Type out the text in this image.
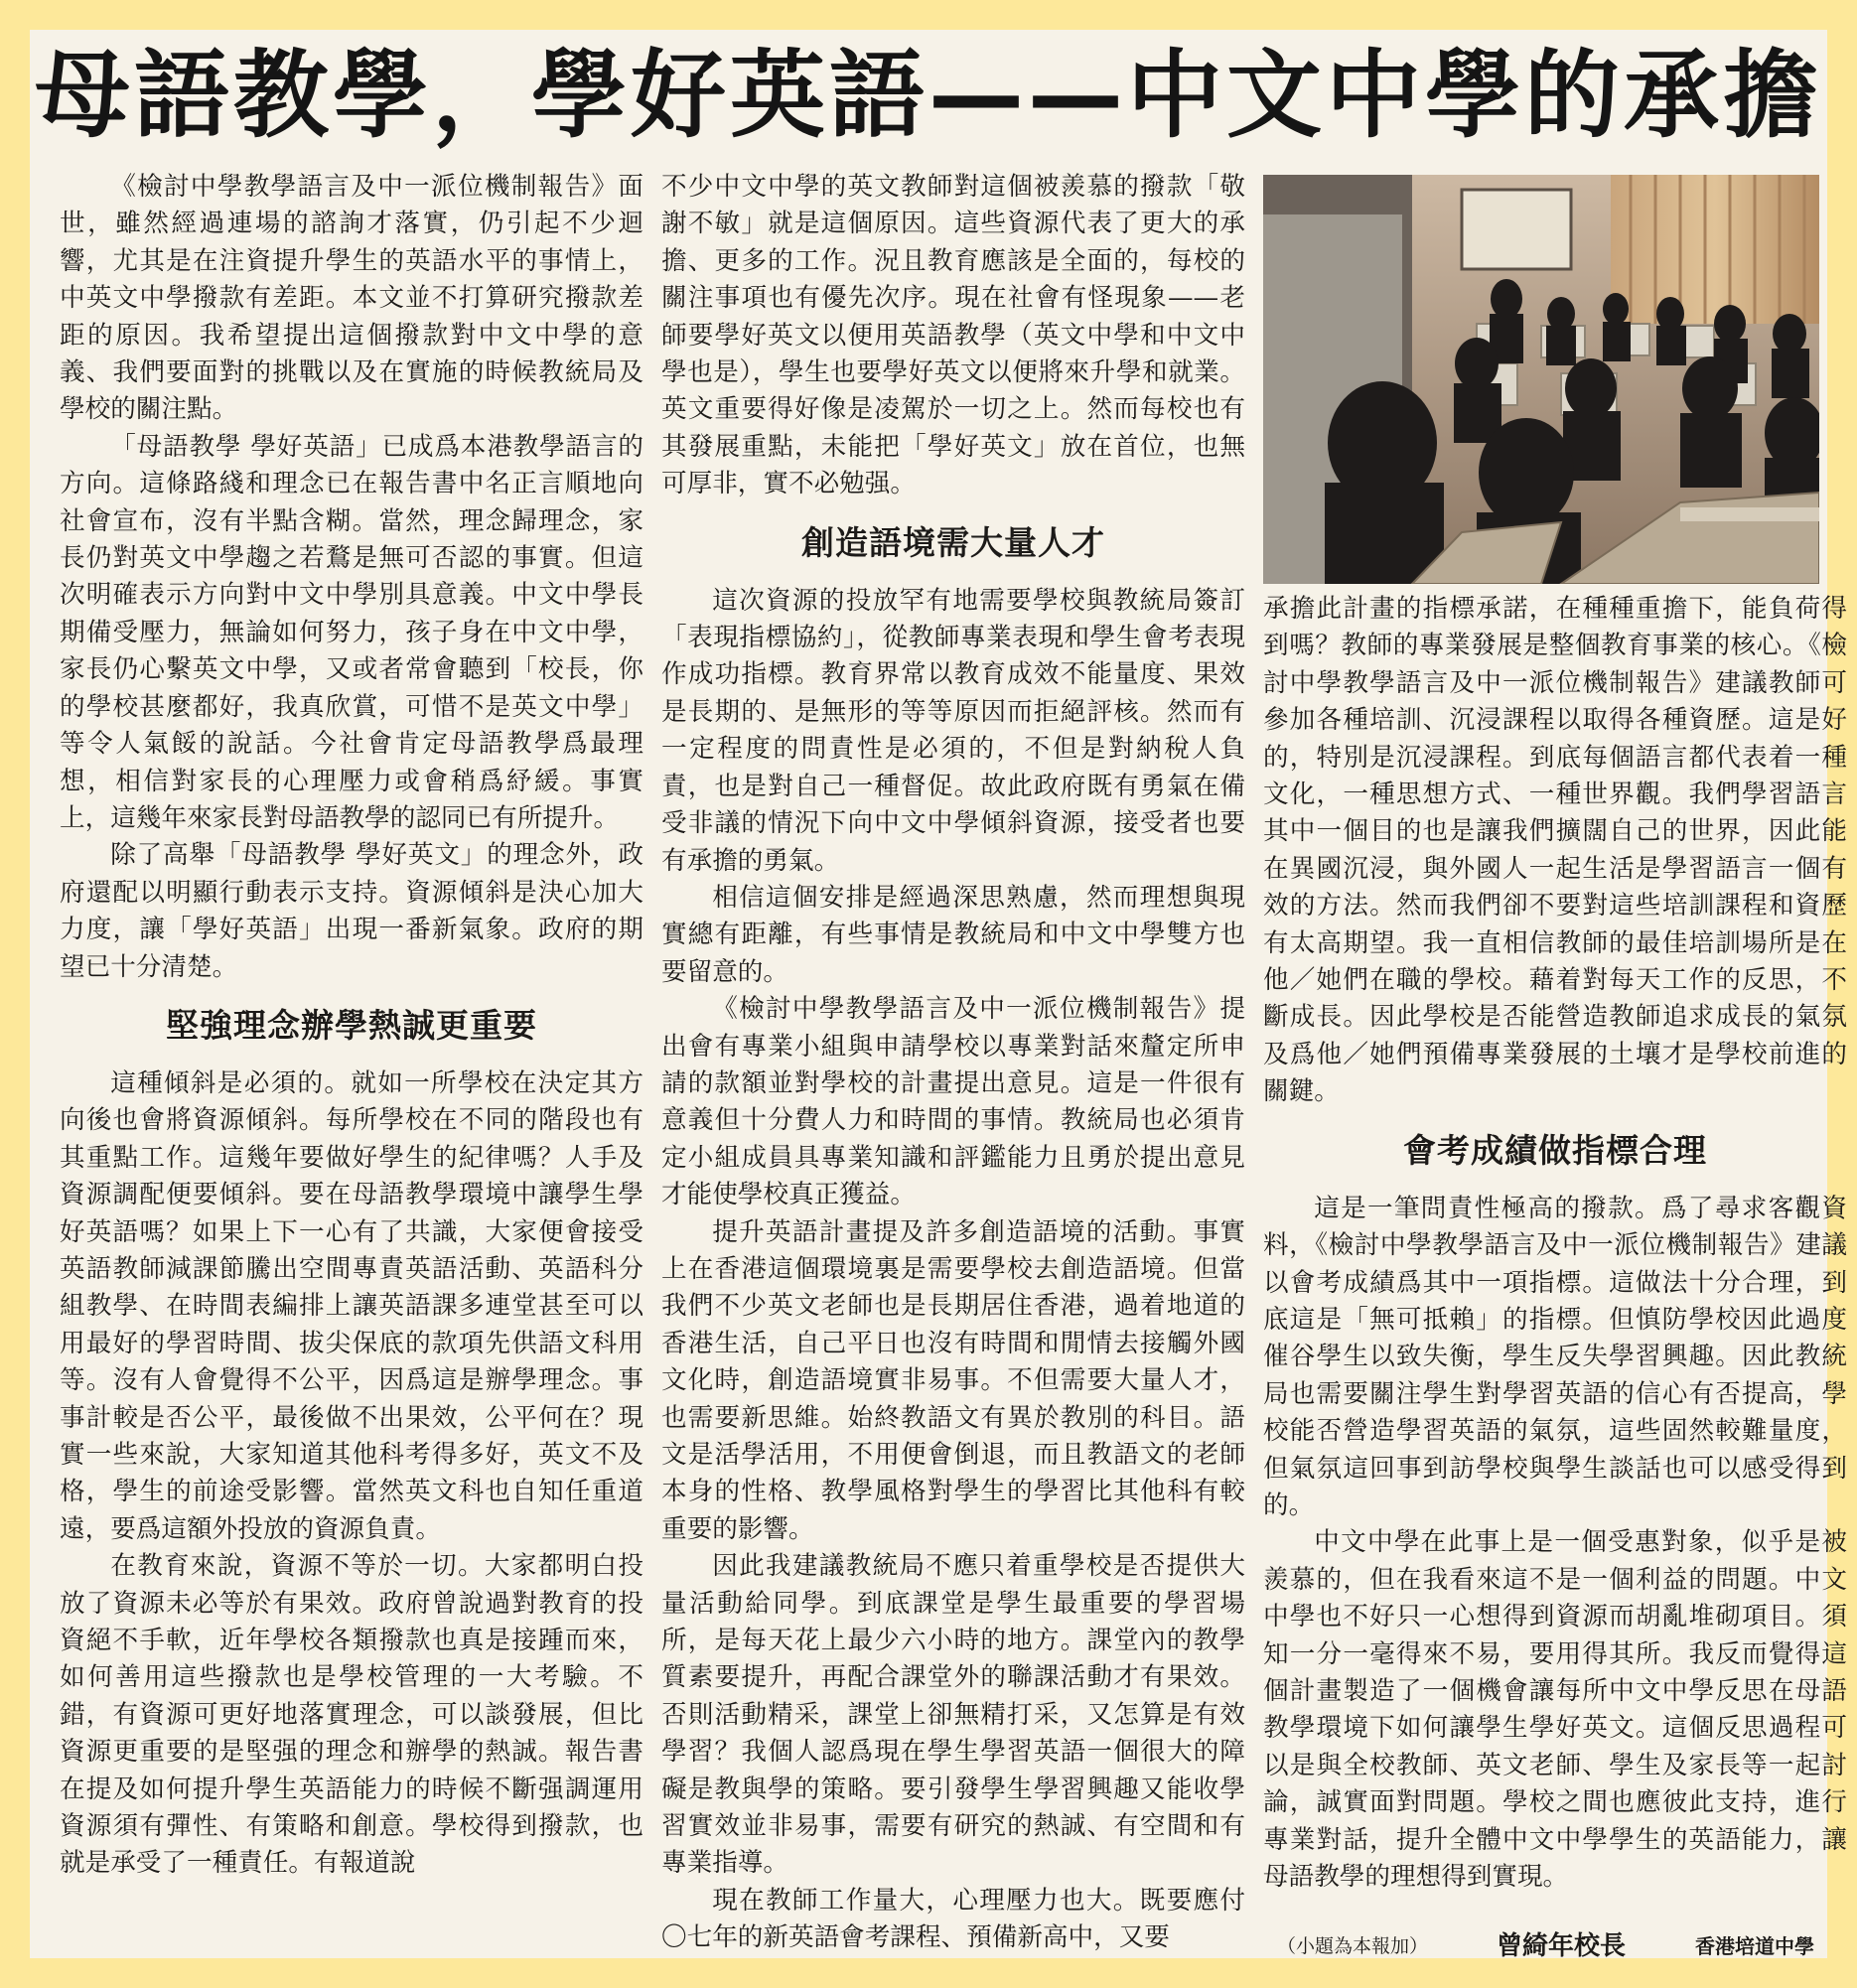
母語教學，學好英語——中文中學的承擔

《檢討中學教學語言及中一派位機制報告》面世，雖然經過連場的諮詢才落實，仍引起不少迴響，尤其是在注資提升學生的英語水平的事情上，中英文中學撥款有差距。本文並不打算研究撥款差距的原因。我希望提出這個撥款對中文中學的意義、我們要面對的挑戰以及在實施的時候教統局及學校的關注點。

「母語教學 學好英語」已成爲本港教學語言的方向。這條路綫和理念已在報告書中名正言順地向社會宣布，沒有半點含糊。當然，理念歸理念，家長仍對英文中學趨之若鶩是無可否認的事實。但這次明確表示方向對中文中學別具意義。中文中學長期備受壓力，無論如何努力，孩子身在中文中學，家長仍心繫英文中學，又或者常會聽到「校長，你的學校甚麼都好，我真欣賞，可惜不是英文中學」等令人氣餒的說話。今社會肯定母語教學爲最理想，相信對家長的心理壓力或會稍爲紓緩。事實上，這幾年來家長對母語教學的認同已有所提升。

除了高舉「母語教學 學好英文」的理念外，政府還配以明顯行動表示支持。資源傾斜是決心加大力度，讓「學好英語」出現一番新氣象。政府的期望已十分清楚。

堅強理念辦學熱誠更重要

這種傾斜是必須的。就如一所學校在決定其方向後也會將資源傾斜。每所學校在不同的階段也有其重點工作。這幾年要做好學生的紀律嗎？人手及資源調配便要傾斜。要在母語教學環境中讓學生學好英語嗎？如果上下一心有了共識，大家便會接受英語教師減課節騰出空間專責英語活動、英語科分組教學、在時間表編排上讓英語課多連堂甚至可以用最好的學習時間、拔尖保底的款項先供語文科用等。沒有人會覺得不公平，因爲這是辦學理念。事事計較是否公平，最後做不出果效，公平何在？現實一些來說，大家知道其他科考得多好，英文不及格，學生的前途受影響。當然英文科也自知任重道遠，要爲這額外投放的資源負責。

在教育來說，資源不等於一切。大家都明白投放了資源未必等於有果效。政府曾說過對教育的投資絕不手軟，近年學校各類撥款也真是接踵而來，如何善用這些撥款也是學校管理的一大考驗。不錯，有資源可更好地落實理念，可以談發展，但比資源更重要的是堅强的理念和辦學的熱誠。報告書在提及如何提升學生英語能力的時候不斷强調運用資源須有彈性、有策略和創意。學校得到撥款，也就是承受了一種責任。有報道說

不少中文中學的英文教師對這個被羨慕的撥款「敬謝不敏」就是這個原因。這些資源代表了更大的承擔、更多的工作。況且教育應該是全面的，每校的關注事項也有優先次序。現在社會有怪現象——老師要學好英文以便用英語教學（英文中學和中文中學也是），學生也要學好英文以便將來升學和就業。英文重要得好像是凌駕於一切之上。然而每校也有其發展重點，未能把「學好英文」放在首位，也無可厚非，實不必勉强。

創造語境需大量人才

這次資源的投放罕有地需要學校與教統局簽訂「表現指標協約」，從教師專業表現和學生會考表現作成功指標。教育界常以教育成效不能量度、果效是長期的、是無形的等等原因而拒絕評核。然而有一定程度的問責性是必須的，不但是對納稅人負責，也是對自己一種督促。故此政府既有勇氣在備受非議的情況下向中文中學傾斜資源，接受者也要有承擔的勇氣。

相信這個安排是經過深思熟慮，然而理想與現實總有距離，有些事情是教統局和中文中學雙方也要留意的。

《檢討中學教學語言及中一派位機制報告》提出會有專業小組與申請學校以專業對話來釐定所申請的款額並對學校的計畫提出意見。這是一件很有意義但十分費人力和時間的事情。教統局也必須肯定小組成員具專業知識和評鑑能力且勇於提出意見才能使學校真正獲益。

提升英語計畫提及許多創造語境的活動。事實上在香港這個環境裏是需要學校去創造語境。但當我們不少英文老師也是長期居住香港，過着地道的香港生活，自己平日也沒有時間和閒情去接觸外國文化時，創造語境實非易事。不但需要大量人才，也需要新思維。始終教語文有異於教別的科目。語文是活學活用，不用便會倒退，而且教語文的老師本身的性格、教學風格對學生的學習比其他科有較重要的影響。

因此我建議教統局不應只着重學校是否提供大量活動給同學。到底課堂是學生最重要的學習場所，是每天花上最少六小時的地方。課堂內的教學質素要提升，再配合課堂外的聯課活動才有果效。否則活動精采，課堂上卻無精打采，又怎算是有效學習？我個人認爲現在學生學習英語一個很大的障礙是教與學的策略。要引發學生學習興趣又能收學習實效並非易事，需要有研究的熱誠、有空間和有專業指導。

現在教師工作量大，心理壓力也大。既要應付〇七年的新英語會考課程、預備新高中，又要

承擔此計畫的指標承諾，在種種重擔下，能負荷得到嗎？教師的專業發展是整個教育事業的核心。《檢討中學教學語言及中一派位機制報告》建議教師可參加各種培訓、沉浸課程以取得各種資歷。這是好的，特別是沉浸課程。到底每個語言都代表着一種文化，一種思想方式、一種世界觀。我們學習語言其中一個目的也是讓我們擴闊自己的世界，因此能在異國沉浸，與外國人一起生活是學習語言一個有效的方法。然而我們卻不要對這些培訓課程和資歷有太高期望。我一直相信教師的最佳培訓場所是在他／她們在職的學校。藉着對每天工作的反思，不斷成長。因此學校是否能營造教師追求成長的氣氛及爲他／她們預備專業發展的土壤才是學校前進的關鍵。

會考成績做指標合理

這是一筆問責性極高的撥款。爲了尋求客觀資料，《檢討中學教學語言及中一派位機制報告》建議以會考成績爲其中一項指標。這做法十分合理，到底這是「無可抵賴」的指標。但慎防學校因此過度催谷學生以致失衡，學生反失學習興趣。因此教統局也需要關注學生對學習英語的信心有否提高，學校能否營造學習英語的氣氛，這些固然較難量度，但氣氛這回事到訪學校與學生談話也可以感受得到的。

中文中學在此事上是一個受惠對象，似乎是被羨慕的，但在我看來這不是一個利益的問題。中文中學也不好只一心想得到資源而胡亂堆砌項目。須知一分一毫得來不易，要用得其所。我反而覺得這個計畫製造了一個機會讓每所中文中學反思在母語教學環境下如何讓學生學好英文。這個反思過程可以是與全校教師、英文老師、學生及家長等一起討論，誠實面對問題。學校之間也應彼此支持，進行專業對話，提升全體中文中學學生的英語能力，讓母語教學的理想得到實現。

（小題為本報加）	曾綺年校長	香港培道中學
